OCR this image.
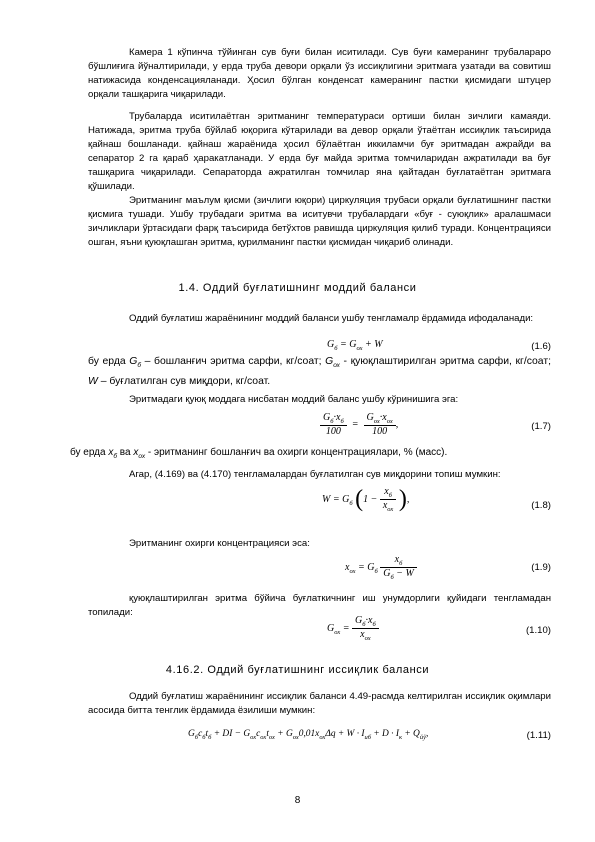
Камера 1 кўпинча тўйинган сув буғи билан иситилади. Сув буғи камеранинг трубалараро бўшлиғига йўналтирилади, у ерда труба девори орқали ўз иссиқлигини эритмага узатади ва совитиш натижасида конденсацияланади. Ҳосил бўлган конденсат камеранинг пастки қисмидаги штуцер орқали ташқарига чиқарилади.

Трубаларда иситилаётган эритманинг температураси ортиши билан зичлиги камаяди. Натижада, эритма труба бўйлаб юқорига кўтарилади ва девор орқали ўтаётган иссиқлик таъсирида қайнаш бошланади. қайнаш жараёнида ҳосил бўлаётган иккиламчи буғ эритмадан ажрайди ва сепаратор 2 га қараб ҳаракатланади. У ерда буғ майда эритма томчиларидан ажратилади ва буғ ташқарига чиқарилади. Сепараторда ажратилган томчилар яна қайтадан буғлатаётган эритмага қўшилади.

Эритманинг маълум қисми (зичлиги юқори) циркуляция трубаси орқали буғлатишнинг пастки қисмига тушади. Ушбу трубадаги эритма ва иситувчи трубалардаги «буғ - суюқлик» аралашмаси зичликлари ўртасидаги фарқ таъсирида бетўхтов равишда циркуляция қилиб туради. Концентрацияси ошган, яъни қуюқлашган эритма, қурилманинг пастки қисмидан чиқариб олинади.

1.4. Оддий буғлатишнинг моддий баланси

Оддий буғлатиш жараёнининг моддий баланси ушбу тенгламалр ёрдамида ифодаланади:

$G_б = G_{ох} + W$	(1.6)

бу ерда $G_б$ – бошланғич эритма сарфи, кг/соат; $G_{ох}$ - қуюқлаштирилган эритма сарфи, кг/соат; W – буғлатилган сув миқдори, кг/соат.

Эритмадаги қуюқ моддага нисбатан моддий баланс ушбу кўринишига эга:

$\frac{G_б\cdot x_б}{100} = \frac{G_{ох}\cdot x_{ох}}{100}$ ,	(1.7)

бу ерда $x_б$ ва $x_{ох}$ - эритманинг бошланғич ва охирги концентрациялари, % (масс).

Агар, (4.169) ва (4.170) тенгламалардан буғлатилган сув миқдорини топиш мумкин:

$W = G_б$ ($1 - \frac{x_б}{x_{ох}}$ ),
(1.8)

Эритманинг охирги концентрацияси эса:

$x_{ох} = G_б \frac{x_б}{G_б - W}$	(1.9)

қуюқлаштирилган эритма бўйича буғлаткичнинг иш унумдорлиги қуйидаги тенгламадан топилади:

$G_{ох} = \frac{G_б\cdot x_б}{x_{ох}}$	(1.10)

4.16.2. Оддий буғлатишнинг иссиқлик баланси

Оддий буғлатиш жараёнининг иссиқлик баланси 4.49-расмда келтирилган иссиқлик оқимлари асосида битта тенглик ёрдамида ёзилиши мумкин:

$G_бc_бt_б$ + DI − $G_{ох}c_{ох}t_{ох} + G_{ох}0,01x_{ох}\Delta q + W \cdot I_{иб} + D \cdot I_к + Q_{йў}$,	(1.11)
8
